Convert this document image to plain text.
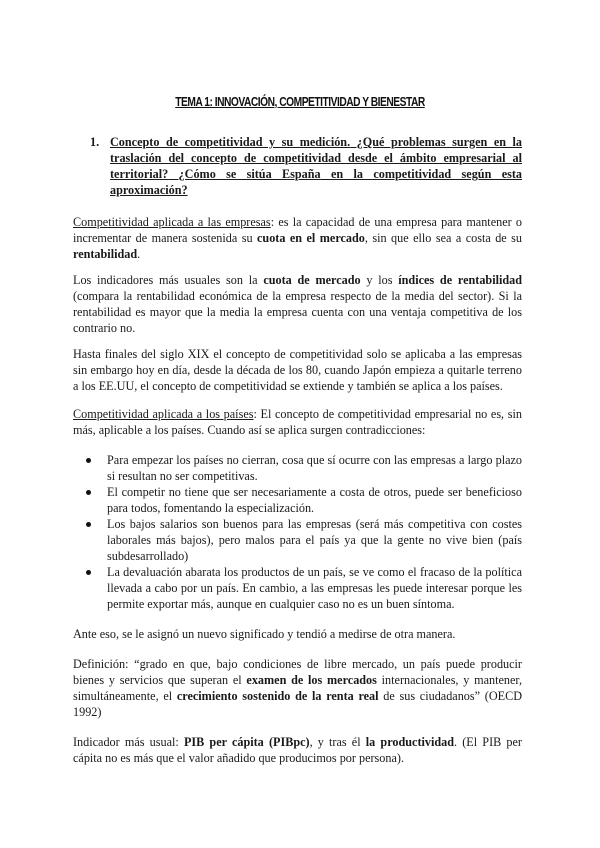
TEMA 1: INNOVACIÓN, COMPETITIVIDAD Y BIENESTAR
1. Concepto de competitividad y su medición. ¿Qué problemas surgen en la traslación del concepto de competitividad desde el ámbito empresarial al territorial? ¿Cómo se sitúa España en la competitividad según esta aproximación?

Competitividad aplicada a las empresas: es la capacidad de una empresa para mantener o incrementar de manera sostenida su cuota en el mercado, sin que ello sea a costa de su rentabilidad.

Los indicadores más usuales son la cuota de mercado y los índices de rentabilidad (compara la rentabilidad económica de la empresa respecto de la media del sector). Si la rentabilidad es mayor que la media la empresa cuenta con una ventaja competitiva de los contrario no.

Hasta finales del siglo XIX el concepto de competitividad solo se aplicaba a las empresas sin embargo hoy en día, desde la década de los 80, cuando Japón empieza a quitarle terreno a los EE.UU, el concepto de competitividad se extiende y también se aplica a los países.

Competitividad aplicada a los países: El concepto de competitividad empresarial no es, sin más, aplicable a los países. Cuando así se aplica surgen contradicciones:

Para empezar los países no cierran, cosa que sí ocurre con las empresas a largo plazo si resultan no ser competitivas.
El competir no tiene que ser necesariamente a costa de otros, puede ser beneficioso para todos, fomentando la especialización.
Los bajos salarios son buenos para las empresas (será más competitiva con costes laborales más bajos), pero malos para el país ya que la gente no vive bien (país subdesarrollado)
La devaluación abarata los productos de un país, se ve como el fracaso de la política llevada a cabo por un país. En cambio, a las empresas les puede interesar porque les permite exportar más, aunque en cualquier caso no es un buen síntoma.

Ante eso, se le asignó un nuevo significado y tendió a medirse de otra manera.

Definición: “grado en que, bajo condiciones de libre mercado, un país puede producir bienes y servicios que superan el examen de los mercados internacionales, y mantener, simultáneamente, el crecimiento sostenido de la renta real de sus ciudadanos” (OECD 1992)

Indicador más usual: PIB per cápita (PIBpc), y tras él la productividad. (El PIB per cápita no es más que el valor añadido que producimos por persona).
